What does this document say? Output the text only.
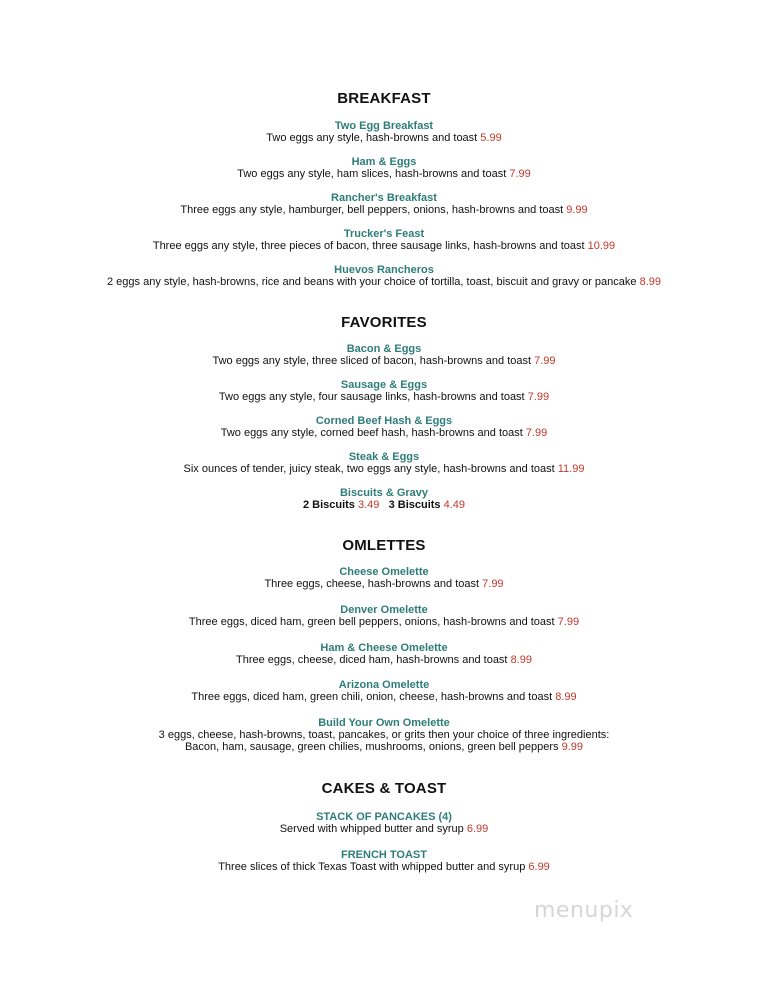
BREAKFAST
Two Egg Breakfast
Two eggs any style, hash-browns and toast 5.99
Ham & Eggs
Two eggs any style, ham slices, hash-browns and toast 7.99
Rancher's Breakfast
Three eggs any style, hamburger, bell peppers, onions, hash-browns and toast 9.99
Trucker's Feast
Three eggs any style, three pieces of bacon, three sausage links, hash-browns and toast 10.99
Huevos Rancheros
2 eggs any style, hash-browns, rice and beans with your choice of tortilla, toast, biscuit and gravy or pancake 8.99
FAVORITES
Bacon & Eggs
Two eggs any style, three sliced of bacon, hash-browns and toast 7.99
Sausage & Eggs
Two eggs any style, four sausage links, hash-browns and toast 7.99
Corned Beef Hash & Eggs
Two eggs any style, corned beef hash, hash-browns and toast 7.99
Steak & Eggs
Six ounces of tender, juicy steak, two eggs any style, hash-browns and toast 11.99
Biscuits & Gravy
2 Biscuits 3.49 3 Biscuits 4.49
OMLETTES
Cheese Omelette
Three eggs, cheese, hash-browns and toast 7.99
Denver Omelette
Three eggs, diced ham, green bell peppers, onions, hash-browns and toast 7.99
Ham & Cheese Omelette
Three eggs, cheese, diced ham, hash-browns and toast 8.99
Arizona Omelette
Three eggs, diced ham, green chili, onion, cheese, hash-browns and toast 8.99
Build Your Own Omelette
3 eggs, cheese, hash-browns, toast, pancakes, or grits then your choice of three ingredients:
Bacon, ham, sausage, green chilies, mushrooms, onions, green bell peppers 9.99
CAKES & TOAST
STACK OF PANCAKES (4)
Served with whipped butter and syrup 6.99
FRENCH TOAST
Three slices of thick Texas Toast with whipped butter and syrup 6.99
menupix
